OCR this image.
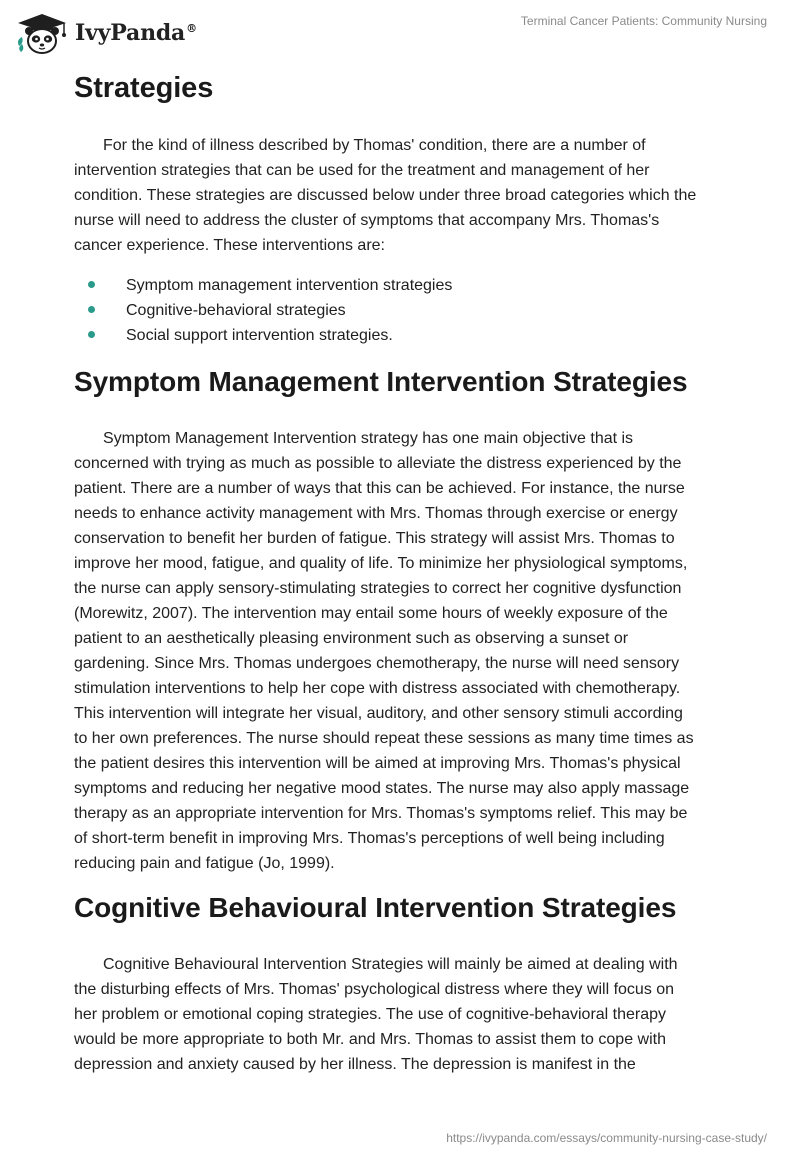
IvyPanda®
Terminal Cancer Patients: Community Nursing
Strategies
For the kind of illness described by Thomas' condition, there are a number of
intervention strategies that can be used for the treatment and management of her
condition. These strategies are discussed below under three broad categories which the
nurse will need to address the cluster of symptoms that accompany Mrs. Thomas's
cancer experience. These interventions are:
Symptom management intervention strategies
Cognitive-behavioral strategies
Social support intervention strategies.
Symptom Management Intervention Strategies
Symptom Management Intervention strategy has one main objective that is
concerned with trying as much as possible to alleviate the distress experienced by the
patient. There are a number of ways that this can be achieved. For instance, the nurse
needs to enhance activity management with Mrs. Thomas through exercise or energy
conservation to benefit her burden of fatigue. This strategy will assist Mrs. Thomas to
improve her mood, fatigue, and quality of life. To minimize her physiological symptoms,
the nurse can apply sensory-stimulating strategies to correct her cognitive dysfunction
(Morewitz, 2007). The intervention may entail some hours of weekly exposure of the
patient to an aesthetically pleasing environment such as observing a sunset or
gardening. Since Mrs. Thomas undergoes chemotherapy, the nurse will need sensory
stimulation interventions to help her cope with distress associated with chemotherapy.
This intervention will integrate her visual, auditory, and other sensory stimuli according
to her own preferences. The nurse should repeat these sessions as many time times as
the patient desires this intervention will be aimed at improving Mrs. Thomas's physical
symptoms and reducing her negative mood states. The nurse may also apply massage
therapy as an appropriate intervention for Mrs. Thomas's symptoms relief. This may be
of short-term benefit in improving Mrs. Thomas's perceptions of well being including
reducing pain and fatigue (Jo, 1999).
Cognitive Behavioural Intervention Strategies
Cognitive Behavioural Intervention Strategies will mainly be aimed at dealing with
the disturbing effects of Mrs. Thomas' psychological distress where they will focus on
her problem or emotional coping strategies. The use of cognitive-behavioral therapy
would be more appropriate to both Mr. and Mrs. Thomas to assist them to cope with
depression and anxiety caused by her illness. The depression is manifest in the
https://ivypanda.com/essays/community-nursing-case-study/
